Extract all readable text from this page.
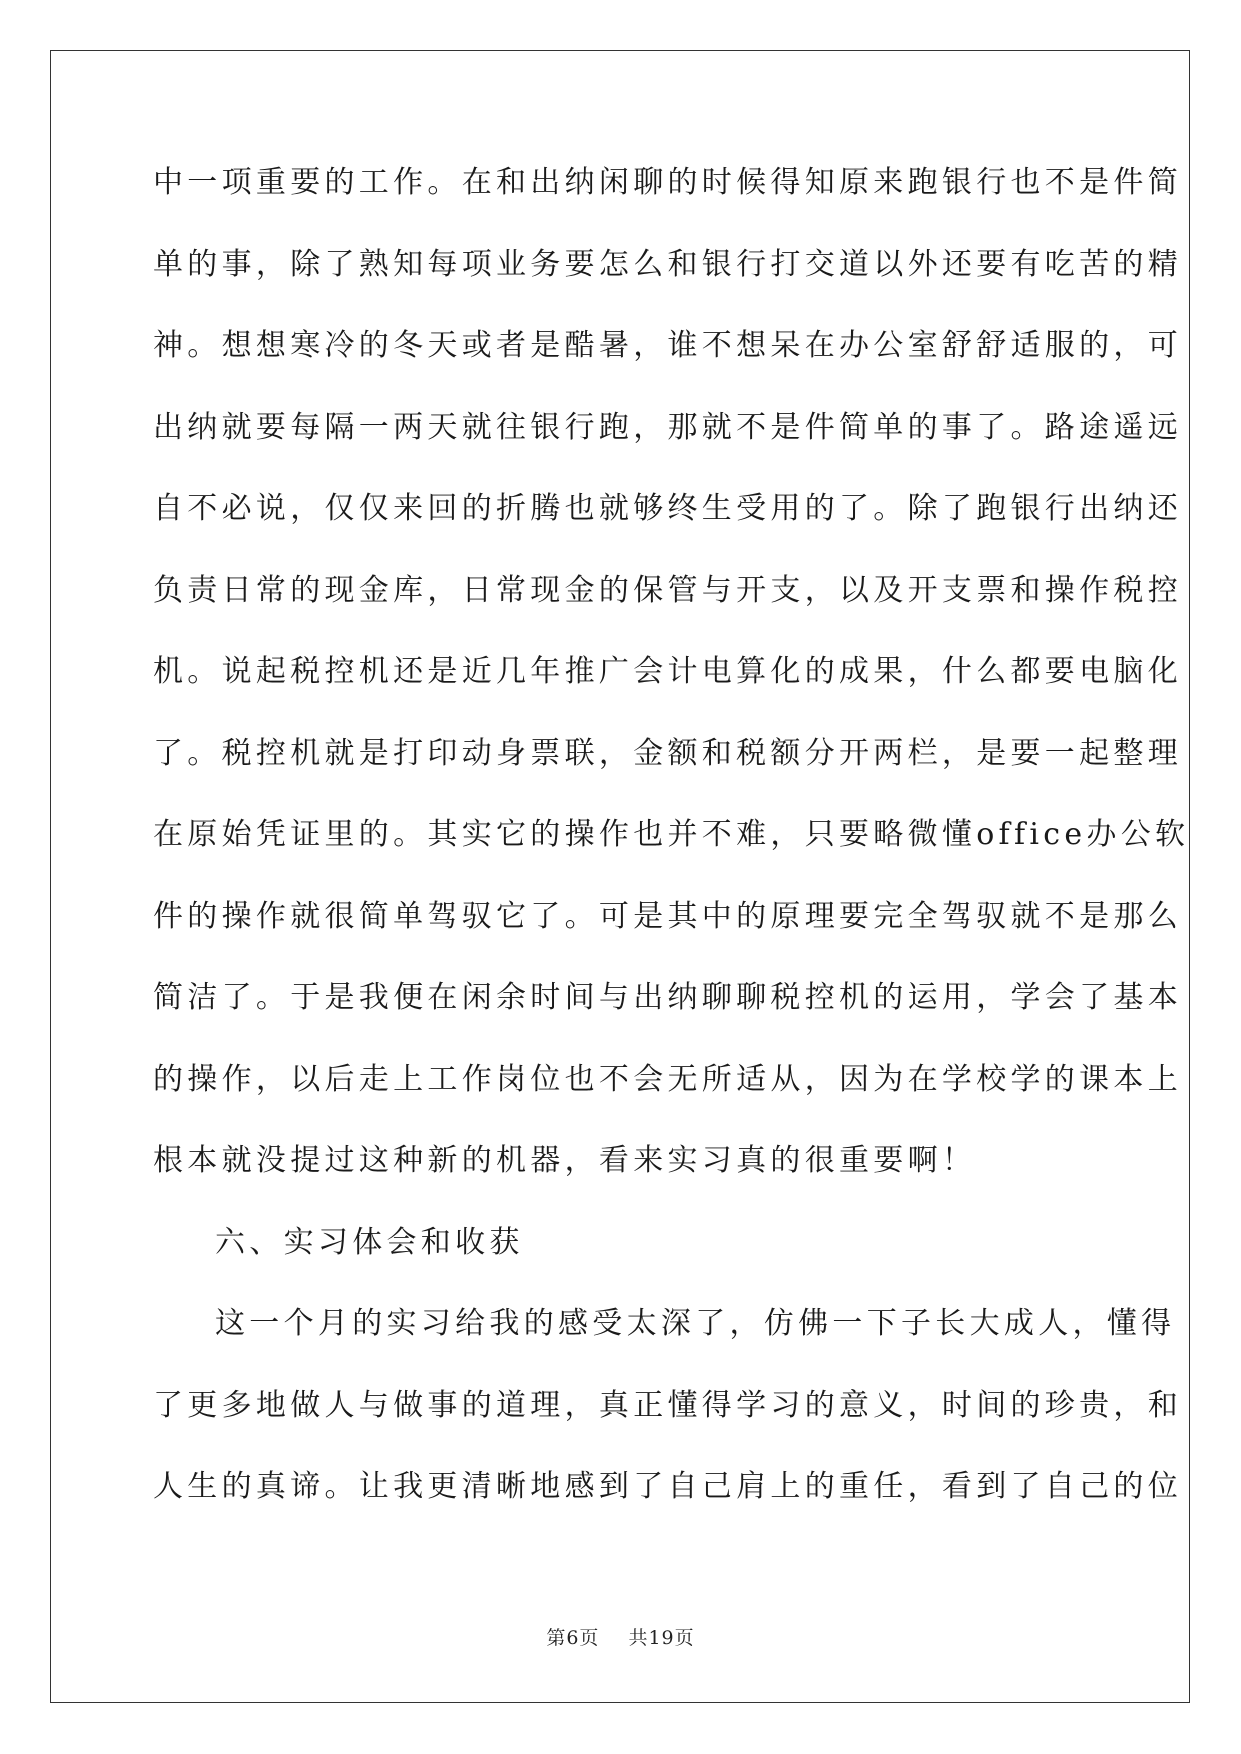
中一项重要的工作。在和出纳闲聊的时候得知原来跑银行也不是件简
单的事，除了熟知每项业务要怎么和银行打交道以外还要有吃苦的精
神。想想寒冷的冬天或者是酷暑，谁不想呆在办公室舒舒适服的，可
出纳就要每隔一两天就往银行跑，那就不是件简单的事了。路途遥远
自不必说，仅仅来回的折腾也就够终生受用的了。除了跑银行出纳还
负责日常的现金库，日常现金的保管与开支，以及开支票和操作税控
机。说起税控机还是近几年推广会计电算化的成果，什么都要电脑化
了。税控机就是打印动身票联，金额和税额分开两栏，是要一起整理
在原始凭证里的。其实它的操作也并不难，只要略微懂office办公软
件的操作就很简单驾驭它了。可是其中的原理要完全驾驭就不是那么
简洁了。于是我便在闲余时间与出纳聊聊税控机的运用，学会了基本
的操作，以后走上工作岗位也不会无所适从，因为在学校学的课本上
根本就没提过这种新的机器，看来实习真的很重要啊！
六、实习体会和收获
这一个月的实习给我的感受太深了，仿佛一下子长大成人，懂得
了更多地做人与做事的道理，真正懂得学习的意义，时间的珍贵，和
人生的真谛。让我更清晰地感到了自己肩上的重任，看到了自己的位
第6页 共19页
